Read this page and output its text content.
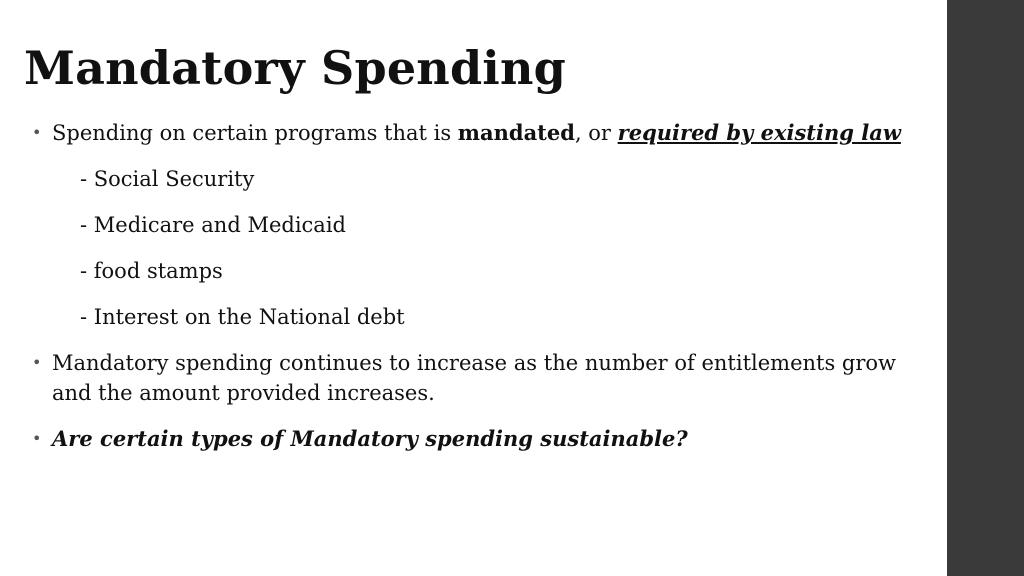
Mandatory Spending

• Spending on certain programs that is mandated, or required by existing law

- Social Security

- Medicare and Medicaid

- food stamps

- Interest on the National debt

• Mandatory spending continues to increase as the number of entitlements grow and the amount provided increases.

• Are certain types of Mandatory spending sustainable?
